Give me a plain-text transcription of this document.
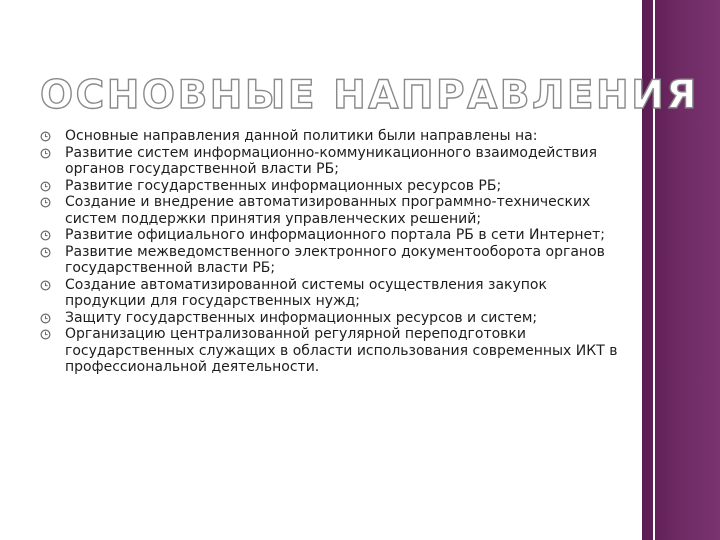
ОСНОВНЫЕ НАПРАВЛЕНИЯ
Основные направления данной политики были направлены на:
Развитие систем информационно-коммуникационного взаимодействия органов государственной власти РБ;
Развитие государственных информационных ресурсов РБ;
Создание и внедрение автоматизированных программно-технических систем поддержки принятия управленческих решений;
Развитие официального информационного портала РБ в сети Интернет;
Развитие межведомственного электронного документооборота органов государственной власти РБ;
Создание автоматизированной системы осуществления закупок продукции для государственных нужд;
Защиту государственных информационных ресурсов и систем;
Организацию централизованной регулярной переподготовки государственных служащих в области использования современных ИКТ в профессиональной деятельности.
